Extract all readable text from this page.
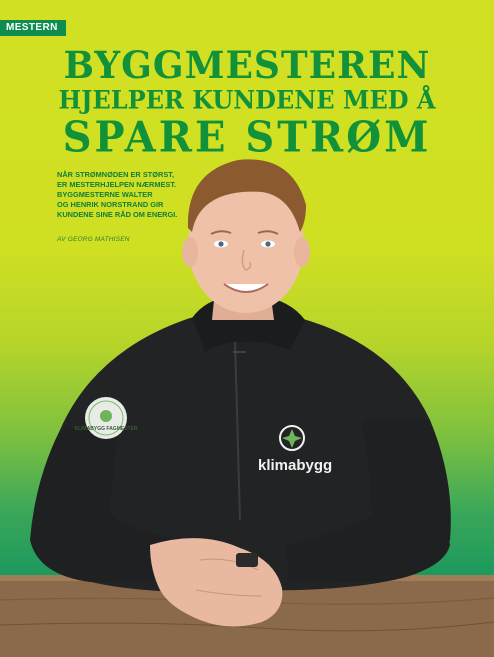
KLIMABYGG FAGMESTER
klimabygg
MESTERN
BYGGMESTEREN
HJELPER KUNDENE MED Å
SPARE STRØM
NÅR STRØMNØDEN ER STØRST,
ER MESTERHJELPEN NÆRMEST.
BYGGMESTERNE WALTER
OG HENRIK NORSTRAND GIR
KUNDENE SINE RÅD OM ENERGI.
AV GEORG MATHISEN
